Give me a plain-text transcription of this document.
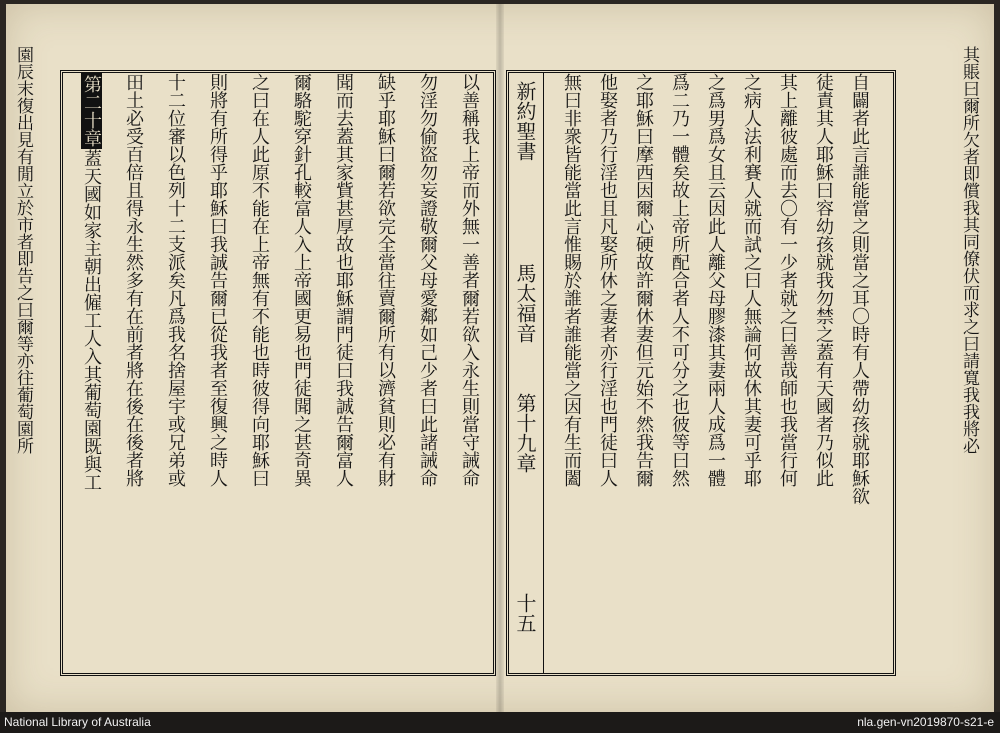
以善稱我上帝而外無一善者爾若欲入永生則當守誡命
勿淫勿偷盜勿妄證敬爾父母愛鄰如己少者曰此諸誡命
缺乎耶穌曰爾若欲完全當往賣爾所有以濟貧則必有財
聞而去蓋其家貲甚厚故也耶穌謂門徒曰我誠告爾富人
爾駱駝穿針孔較富人入上帝國更易也門徒聞之甚奇異
之曰在人此原不能在上帝無有不能也時彼得向耶穌曰
則將有所得乎耶穌曰我誠告爾已從我者至復興之時人
十二位審以色列十二支派矣凡爲我名捨屋宇或兄弟或
田土必受百倍且得永生然多有在前者將在後在後者將
第二十章蓋天國如家主朝出僱工人入其葡萄園既與工
園辰末復出見有閒立於市者即告之曰爾等亦往葡萄園所	新約聖書
馬太福音
第十九章
十五
自闢者此言誰能當之則當之耳〇時有人帶幼孩就耶穌欲
徒責其人耶穌曰容幼孩就我勿禁之蓋有天國者乃似此
其上離彼處而去〇有一少者就之曰善哉師也我當行何
之病人法利賽人就而試之曰人無論何故休其妻可乎耶
之爲男爲女且云因此人離父母膠漆其妻兩人成爲一體
爲二乃一體矣故上帝所配合者人不可分之也彼等曰然
之耶穌曰摩西因爾心硬故許爾休妻但元始不然我告爾
他娶者乃行淫也且凡娶所休之妻者亦行淫也門徒曰人
無曰非衆皆能當此言惟賜於誰者誰能當之因有生而闔	其賬曰爾所欠者即償我其同僚伏而求之曰請寬我我將必
National Library of Australia	nla.gen-vn2019870-s21-e
